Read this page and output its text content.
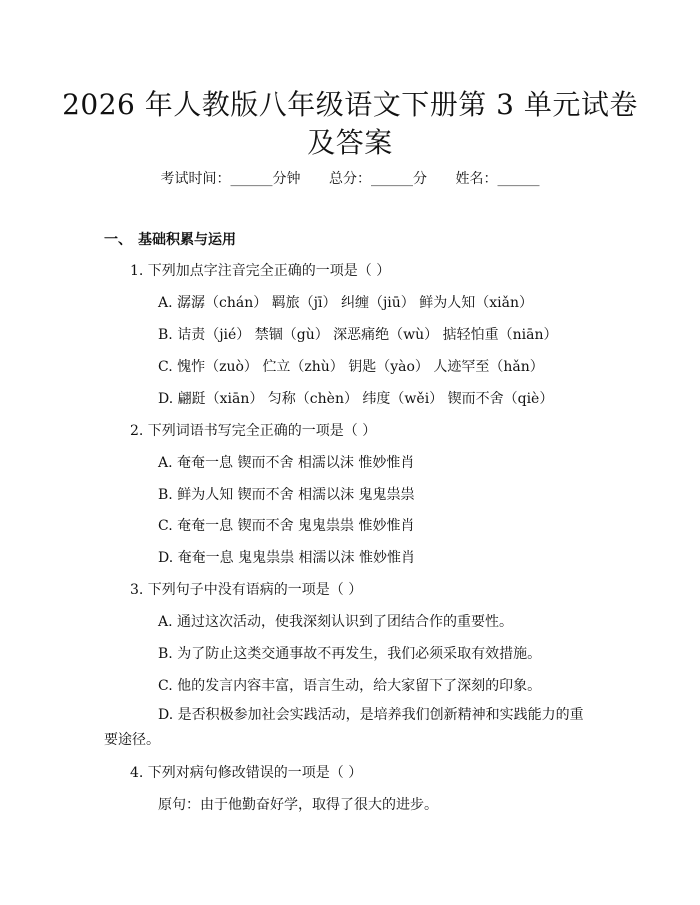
2026 年人教版八年级语文下册第 3 单元试卷
及答案
考试时间：______分钟 总分：______分 姓名：______
一、 基础积累与运用
1. 下列加点字注音完全正确的一项是（ ）
A. 潺潺（chán） 羁旅（jī） 纠缠（jiū） 鲜为人知（xiǎn）
B. 诘责（jié） 禁锢（gù） 深恶痛绝（wù） 掂轻怕重（niān）
C. 愧怍（zuò） 伫立（zhù） 钥匙（yào） 人迹罕至（hǎn）
D. 翩跹（xiān） 匀称（chèn） 纬度（wěi） 锲而不舍（qiè）
2. 下列词语书写完全正确的一项是（ ）
A. 奄奄一息 锲而不舍 相濡以沫 惟妙惟肖
B. 鲜为人知 锲而不舍 相濡以沫 鬼鬼祟祟
C. 奄奄一息 锲而不舍 鬼鬼祟祟 惟妙惟肖
D. 奄奄一息 鬼鬼祟祟 相濡以沫 惟妙惟肖
3. 下列句子中没有语病的一项是（ ）
A. 通过这次活动，使我深刻认识到了团结合作的重要性。
B. 为了防止这类交通事故不再发生，我们必须采取有效措施。
C. 他的发言内容丰富，语言生动，给大家留下了深刻的印象。
D. 是否积极参加社会实践活动，是培养我们创新精神和实践能力的重要途径。
4. 下列对病句修改错误的一项是（ ）
原句：由于他勤奋好学，取得了很大的进步。
